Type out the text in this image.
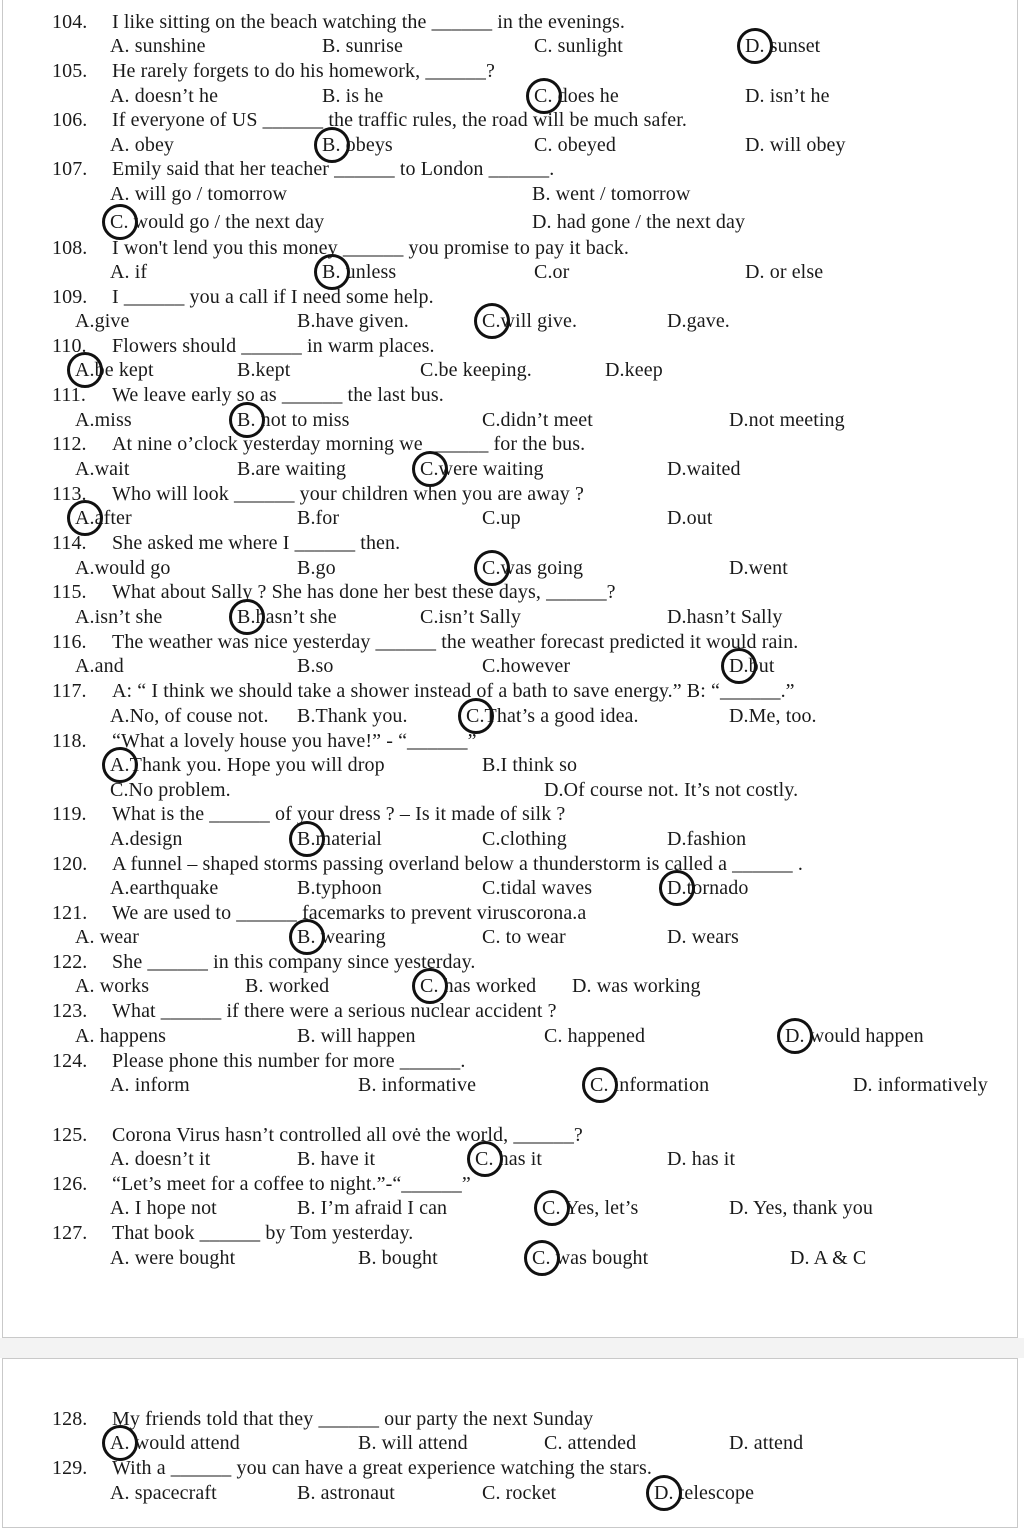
104. I like sitting on the beach watching the ______ in the evenings.
A. sunshine	B. sunrise	C. sunlight	D. sunset
105. He rarely forgets to do his homework, ______?
A. doesn’t he	B. is he	C. does he	D. isn’t he
106. If everyone of US ______ the traffic rules, the road will be much safer.
A. obey	B. obeys	C. obeyed	D. will obey
107. Emily said that her teacher ______ to London ______.
A. will go / tomorrow	B. went / tomorrow
C. would go / the next day	D. had gone / the next day
108. I won't lend you this money ______ you promise to pay it back.
A. if	B. unless	C.or	D. or else
109. I ______ you a call if I need some help.
A.give	B.have given.	C.will give.	D.gave.
110. Flowers should ______ in warm places.
A.be kept	B.kept	C.be keeping.	D.keep
111. We leave early so as ______ the last bus.
A.miss	B. not to miss	C.didn’t meet	D.not meeting
112. At nine o’clock yesterday morning we ______ for the bus.
A.wait	B.are waiting	C.were waiting	D.waited
113. Who will look ______ your children when you are away ?
A.after	B.for	C.up	D.out
114. She asked me where I ______ then.
A.would go	B.go	C.was going	D.went
115. What about Sally ? She has done her best these days, ______?
A.isn’t she	B.hasn’t she	C.isn’t Sally	D.hasn’t Sally
116. The weather was nice yesterday ______ the weather forecast predicted it would rain.
A.and	B.so	C.however	D.but
117. A: “ I think we should take a shower instead of a bath to save energy.” B: “______.”
A.No, of couse not. B.Thank you.	C.That’s a good idea.	D.Me, too.
118. “What a lovely house you have!” - “______”
A.Thank you. Hope you will drop	B.I think so
C.No problem.	D.Of course not. It’s not costly.
119. What is the ______ of your dress ? – Is it made of silk ?
A.design	B.material	C.clothing	D.fashion
120. A funnel – shaped storms passing overland below a thunderstorm is called a ______ .
A.earthquake	B.typhoon	C.tidal waves	D.tornado
121. We are used to ______ facemarks to prevent viruscorona.a
A. wear	B. wearing	C. to wear	D. wears
122. She ______ in this company since yesterday.
A. works	B. worked	C. has worked D. was working
123. What ______ if there were a serious nuclear accident ?
A. happens	B. will happen	C. happened	D. would happen
124. Please phone this number for more ______.
A. inform	B. informative	C. information	D. informatively
125. Corona Virus hasn’t controlled all ovė the world, ______?
A. doesn’t it	B. have it	C. has it	D. has it
126. “Let’s meet for a coffee to night.”-“______”
A. I hope not	B. I’m afraid I can	C. Yes, let’s	D. Yes, thank you
127. That book ______ by Tom yesterday.
A. were bought	B. bought	C. was bought	D. A & C
128. My friends told that they ______ our party the next Sunday
A. would attend	B. will attend	C. attended	D. attend
129. With a ______ you can have a great experience watching the stars.
A. spacecraft	B. astronaut	C. rocket	D. telescope
